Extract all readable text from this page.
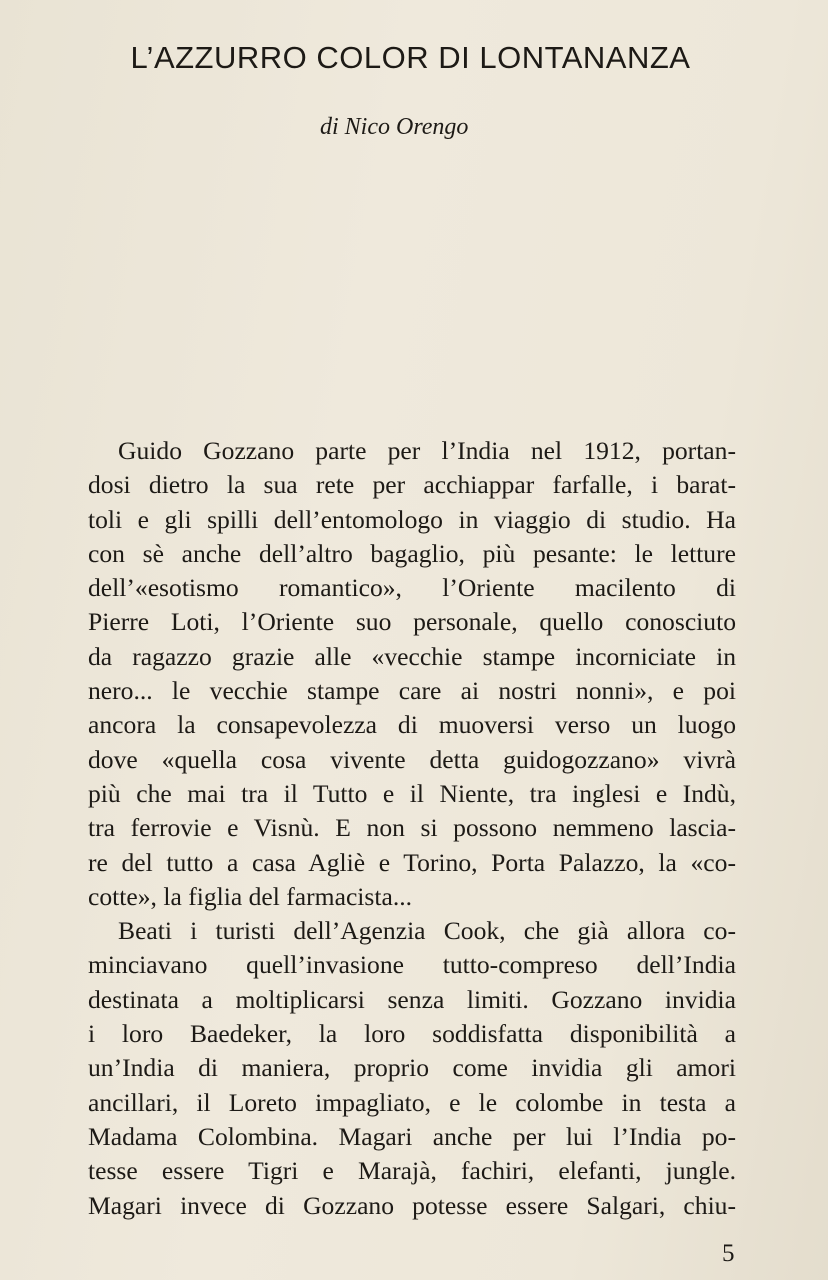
L’AZZURRO COLOR DI LONTANANZA
di Nico Orengo
Guido Gozzano parte per l’India nel 1912, portan-
dosi dietro la sua rete per acchiappar farfalle, i barat-
toli e gli spilli dell’entomologo in viaggio di studio. Ha
con sè anche dell’altro bagaglio, più pesante: le letture
dell’«esotismo romantico», l’Oriente macilento di
Pierre Loti, l’Oriente suo personale, quello conosciuto
da ragazzo grazie alle «vecchie stampe incorniciate in
nero... le vecchie stampe care ai nostri nonni», e poi
ancora la consapevolezza di muoversi verso un luogo
dove «quella cosa vivente detta guidogozzano» vivrà
più che mai tra il Tutto e il Niente, tra inglesi e Indù,
tra ferrovie e Visnù. E non si possono nemmeno lascia-
re del tutto a casa Agliè e Torino, Porta Palazzo, la «co-
cotte», la figlia del farmacista...
Beati i turisti dell’Agenzia Cook, che già allora co-
minciavano quell’invasione tutto-compreso dell’India
destinata a moltiplicarsi senza limiti. Gozzano invidia
i loro Baedeker, la loro soddisfatta disponibilità a
un’India di maniera, proprio come invidia gli amori
ancillari, il Loreto impagliato, e le colombe in testa a
Madama Colombina. Magari anche per lui l’India po-
tesse essere Tigri e Marajà, fachiri, elefanti, jungle.
Magari invece di Gozzano potesse essere Salgari, chiu-
5
